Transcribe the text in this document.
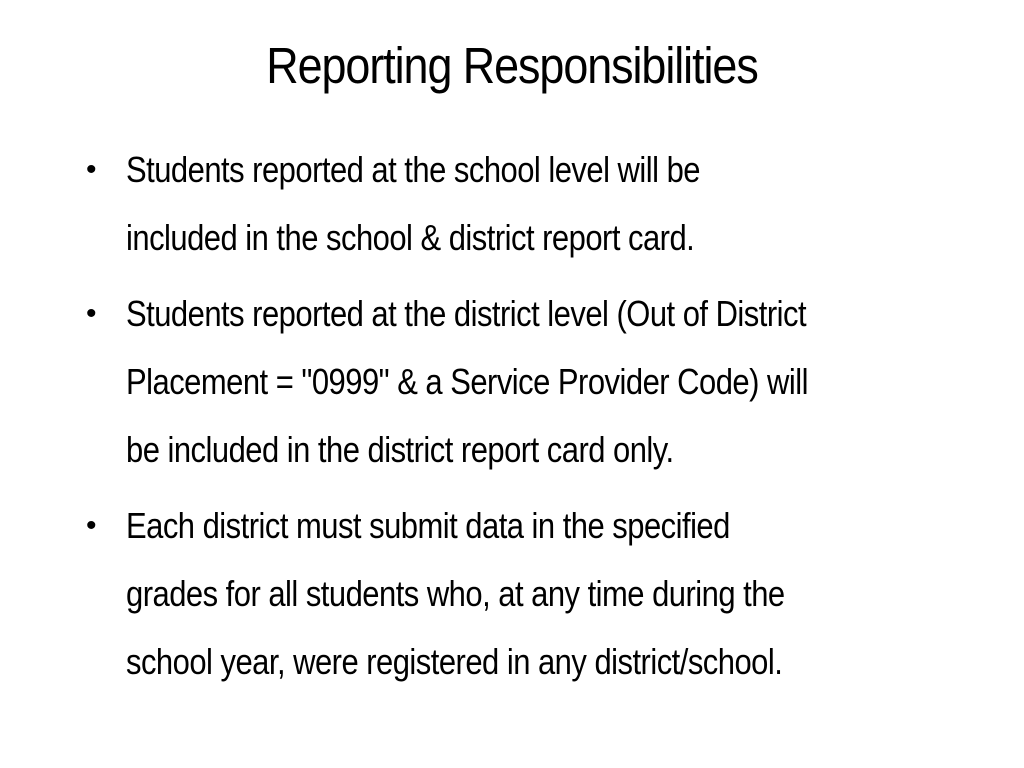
Reporting Responsibilities
• Students reported at the school level will be
included in the school & district report card.
• Students reported at the district level (Out of District
Placement = "0999" & a Service Provider Code) will
be included in the district report card only.
• Each district must submit data in the specified
grades for all students who, at any time during the
school year, were registered in any district/school.
